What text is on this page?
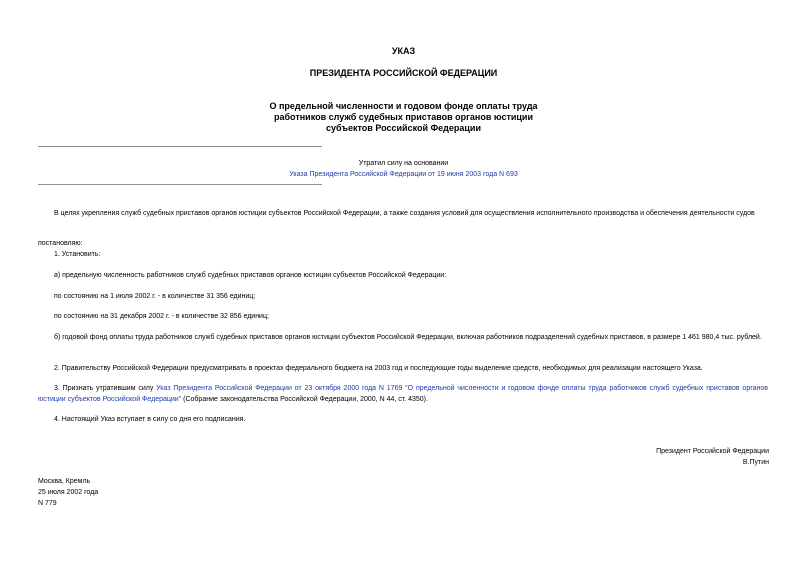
УКАЗ
ПРЕЗИДЕНТА РОССИЙСКОЙ ФЕДЕРАЦИИ
О предельной численности и годовом фонде оплаты труда
работников служб судебных приставов органов юстиции
субъектов Российской Федерации
Утратил силу на основании
Указа Президента Российской Федерации от 19 июня 2003 года N 693
В целях укрепления служб судебных приставов органов юстиции субъектов Российской Федерации, а также создания условий для осуществления исполнительного производства и обеспечения деятельности судов
постановляю:
1. Установить:
а) предельную численность работников служб судебных приставов органов юстиции субъектов Российской Федерации:
по состоянию на 1 июля 2002 г. - в количестве 31 356 единиц;
по состоянию на 31 декабря 2002 г. - в количестве 32 856 единиц;
б) годовой фонд оплаты труда работников служб судебных приставов органов юстиции субъектов Российской Федерации, включая работников подразделений судебных приставов, в размере 1 461 980,4 тыс. рублей.
2. Правительству Российской Федерации предусматривать в проектах федерального бюджета на 2003 год и последующие годы выделение средств, необходимых для реализации настоящего Указа.
3. Признать утратившим силу Указ Президента Российской Федерации от 23 октября 2000 года N 1769 "О предельной численности и годовом фонде оплаты труда работников служб судебных приставов органов юстиции субъектов Российской Федерации" (Собрание законодательства Российской Федерации, 2000, N 44, ст. 4350).
4. Настоящий Указ вступает в силу со дня его подписания.
Президент Российской Федерации
В.Путин
Москва, Кремль
25 июля 2002 года
N 779
